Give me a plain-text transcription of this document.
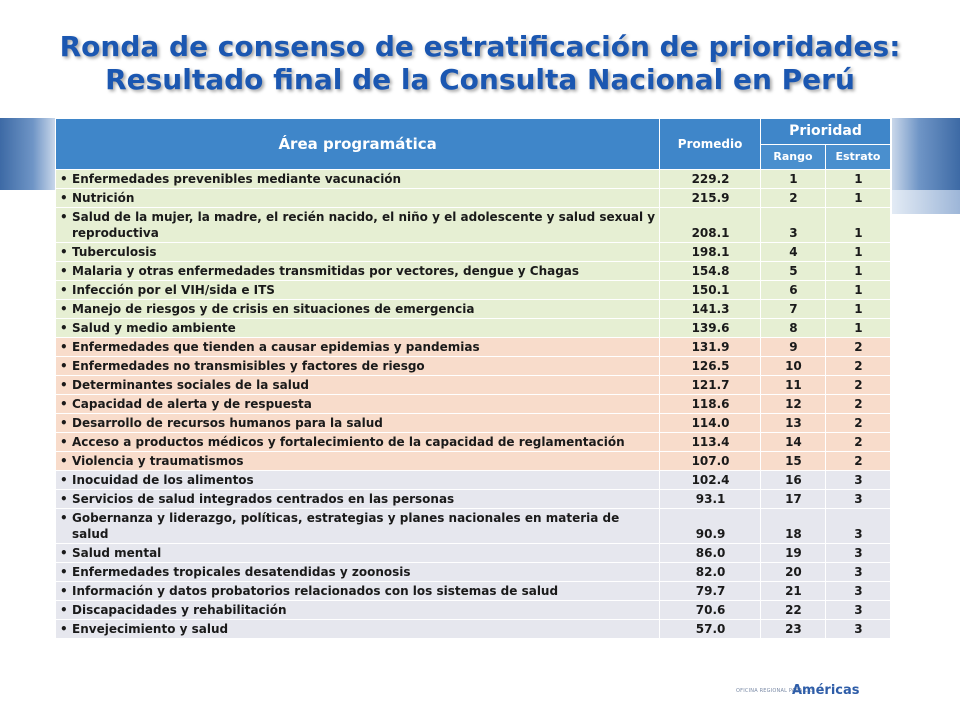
Ronda de consenso de estratificación de prioridades:
Resultado final de la Consulta Nacional en Perú
Área programática	Promedio	Prioridad	
		Rango	Estrato

• Enfermedades prevenibles mediante vacunación	229.2	1	1

• Nutrición	215.9	2	1

• Salud de la mujer, la madre, el recién nacido, el niño y el adolescente y salud sexual y reproductiva	208.1	3	1

• Tuberculosis	198.1	4	1

• Malaria y otras enfermedades transmitidas por vectores, dengue y Chagas	154.8	5	1

• Infección por el VIH/sida e ITS	150.1	6	1

• Manejo de riesgos y de crisis en situaciones de emergencia	141.3	7	1

• Salud y medio ambiente	139.6	8	1

• Enfermedades que tienden a causar epidemias y pandemias	131.9	9	2

• Enfermedades no transmisibles y factores de riesgo	126.5	10	2

• Determinantes sociales de la salud	121.7	11	2

• Capacidad de alerta y de respuesta	118.6	12	2

• Desarrollo de recursos humanos para la salud	114.0	13	2

• Acceso a productos médicos y fortalecimiento de la capacidad de reglamentación	113.4	14	2

• Violencia y traumatismos	107.0	15	2

• Inocuidad de los alimentos	102.4	16	3

• Servicios de salud integrados centrados en las personas	93.1	17	3

• Gobernanza y liderazgo, políticas, estrategias y planes nacionales en materia de salud	90.9	18	3

• Salud mental	86.0	19	3

• Enfermedades tropicales desatendidas y zoonosis	82.0	20	3

• Información y datos probatorios relacionados con los sistemas de salud	79.7	21	3

• Discapacidades y rehabilitación	70.6	22	3

• Envejecimiento y salud	57.0	23	3
OFICINA REGIONAL PARA LAS
Américas
